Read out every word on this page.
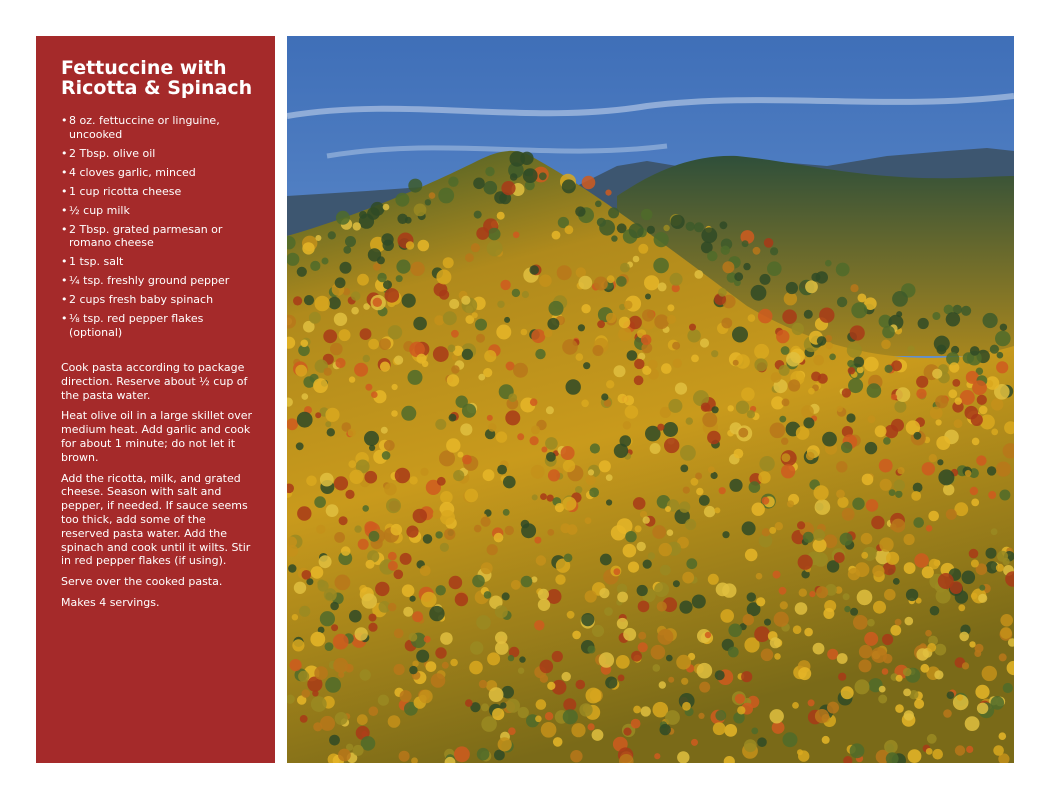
Fettuccine with
Ricotta & Spinach
• 8 oz. fettuccine or linguine, uncooked
• 2 Tbsp. olive oil
• 4 cloves garlic, minced
• 1 cup ricotta cheese
• ½ cup milk
• 2 Tbsp. grated parmesan or romano cheese
• 1 tsp. salt
• ¼ tsp. freshly ground pepper
• 2 cups fresh baby spinach
• ⅛ tsp. red pepper flakes (optional)

Cook pasta according to package direction. Reserve about ½ cup of the pasta water.

Heat olive oil in a large skillet over medium heat. Add garlic and cook for about 1 minute; do not let it brown.

Add the ricotta, milk, and grated cheese. Season with salt and pepper, if needed. If sauce seems too thick, add some of the reserved pasta water. Add the spinach and cook until it wilts. Stir in red pepper flakes (if using).

Serve over the cooked pasta.

Makes 4 servings.
